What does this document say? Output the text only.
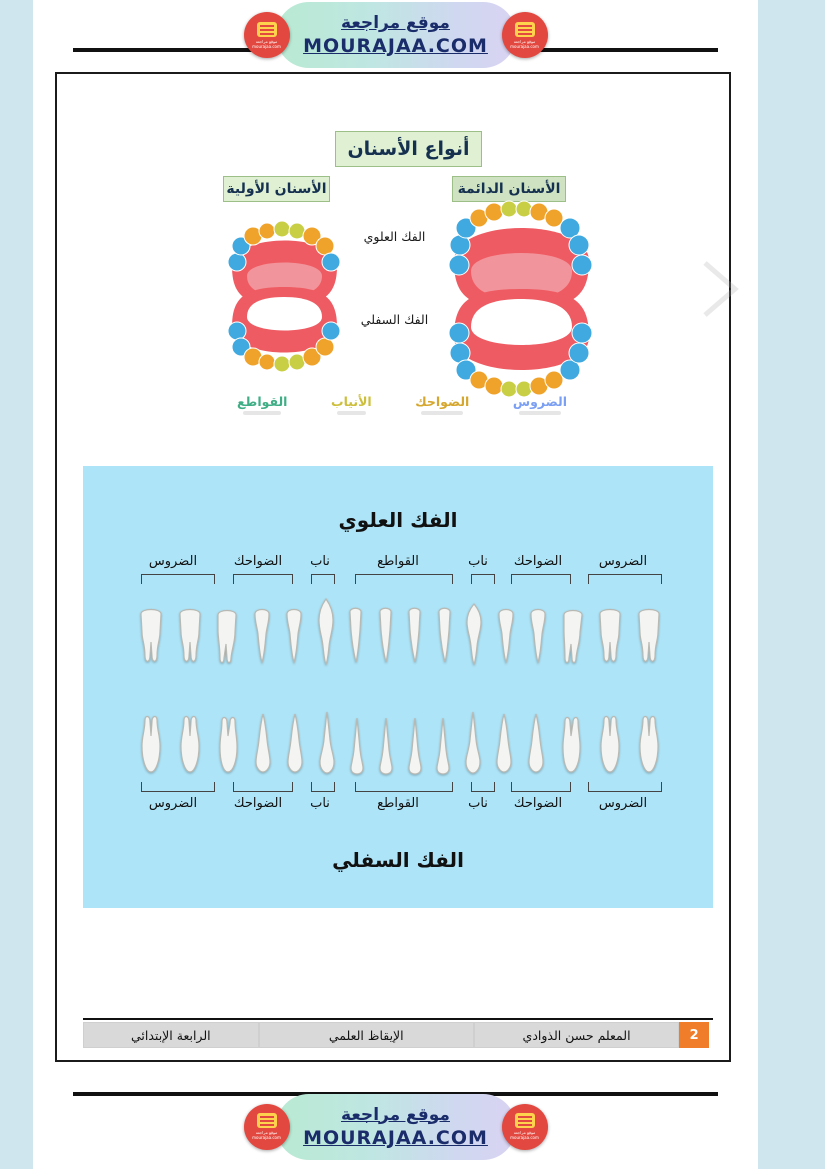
موقع مراجعة mourajaa.com
موقع مراجعة
MOURAJAA.COM
موقع مراجعة mourajaa.com
أنواع الأسنان
الأسنان الأولية	الأسنان الدائمة
الفك العلوي
الفك السفلي
الضروس
الضواحك
الأنياب
القواطع
الفك العلوي
الفك السفلي
الضروس
الضواحك
ناب
القواطع
ناب
الضواحك
الضروس
الضروس
الضواحك
ناب
القواطع
ناب
الضواحك
الضروس
2
المعلم حسن الذوادي
الإيقاظ العلمي
الرابعة الإبتدائي
موقع مراجعة mourajaa.com
موقع مراجعة
MOURAJAA.COM
موقع مراجعة mourajaa.com
